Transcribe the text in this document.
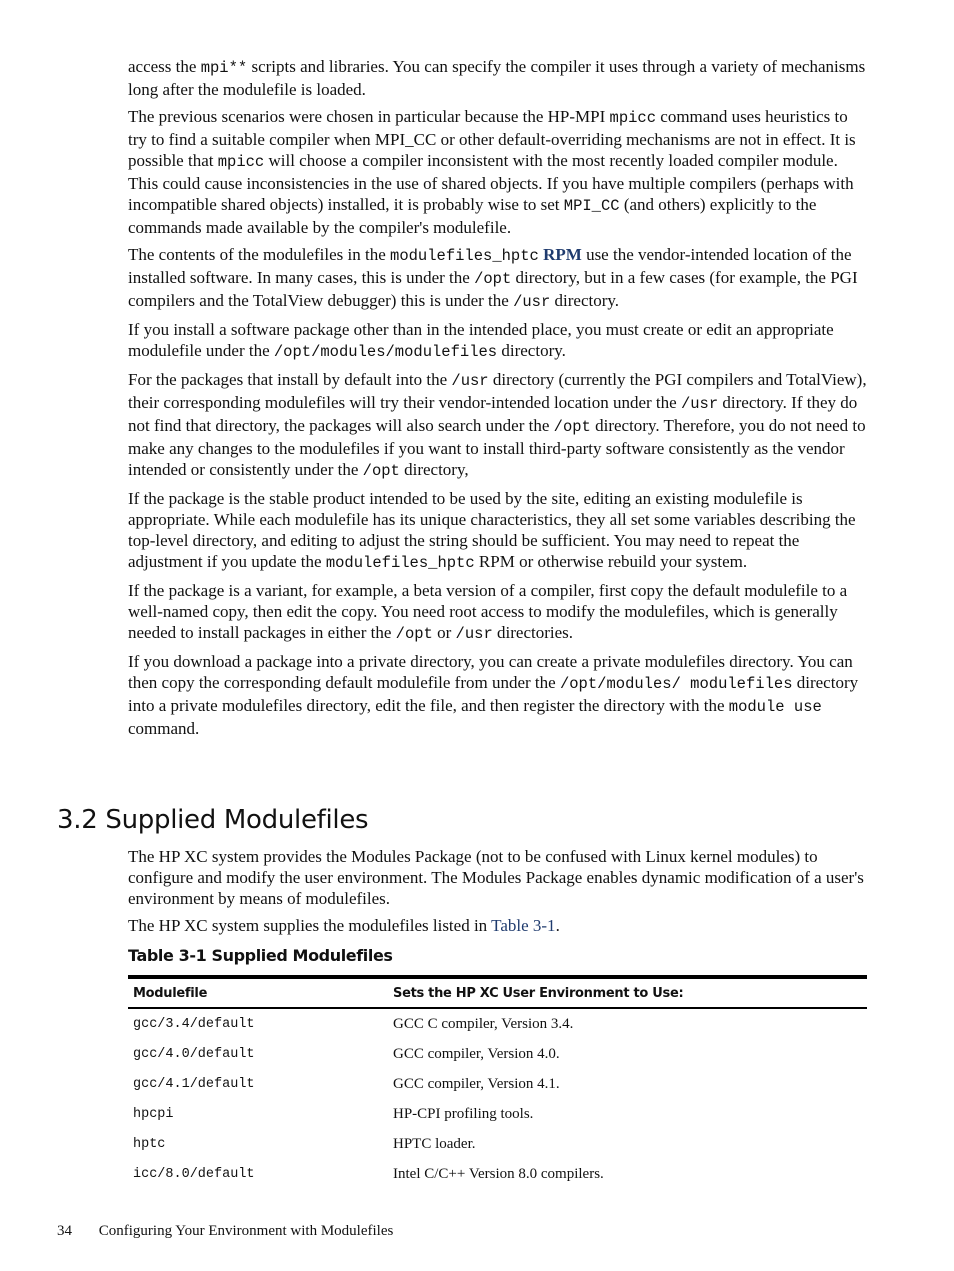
access the mpi** scripts and libraries. You can specify the compiler it uses through a variety of mechanisms long after the modulefile is loaded.

The previous scenarios were chosen in particular because the HP-MPI mpicc command uses heuristics to try to find a suitable compiler when MPI_CC or other default-overriding mechanisms are not in effect. It is possible that mpicc will choose a compiler inconsistent with the most recently loaded compiler module. This could cause inconsistencies in the use of shared objects. If you have multiple compilers (perhaps with incompatible shared objects) installed, it is probably wise to set MPI_CC (and others) explicitly to the commands made available by the compiler's modulefile.

The contents of the modulefiles in the modulefiles_hptc RPM use the vendor-intended location of the installed software. In many cases, this is under the /opt directory, but in a few cases (for example, the PGI compilers and the TotalView debugger) this is under the /usr directory.

If you install a software package other than in the intended place, you must create or edit an appropriate modulefile under the /opt/modules/modulefiles directory.

For the packages that install by default into the /usr directory (currently the PGI compilers and TotalView), their corresponding modulefiles will try their vendor-intended location under the /usr directory. If they do not find that directory, the packages will also search under the /opt directory. Therefore, you do not need to make any changes to the modulefiles if you want to install third-party software consistently as the vendor intended or consistently under the /opt directory,

If the package is the stable product intended to be used by the site, editing an existing modulefile is appropriate. While each modulefile has its unique characteristics, they all set some variables describing the top-level directory, and editing to adjust the string should be sufficient. You may need to repeat the adjustment if you update the modulefiles_hptc RPM or otherwise rebuild your system.

If the package is a variant, for example, a beta version of a compiler, first copy the default modulefile to a well-named copy, then edit the copy. You need root access to modify the modulefiles, which is generally needed to install packages in either the /opt or /usr directories.

If you download a package into a private directory, you can create a private modulefiles directory. You can then copy the corresponding default modulefile from under the /opt/modules/ modulefiles directory into a private modulefiles directory, edit the file, and then register the directory with the module use command.

3.2 Supplied Modulefiles

The HP XC system provides the Modules Package (not to be confused with Linux kernel modules) to configure and modify the user environment. The Modules Package enables dynamic modification of a user's environment by means of modulefiles.

The HP XC system supplies the modulefiles listed in Table 3-1.

Table 3-1 Supplied Modulefiles
Modulefile	Sets the HP XC User Environment to Use:
gcc/3.4/default	GCC C compiler, Version 3.4.
gcc/4.0/default	GCC compiler, Version 4.0.
gcc/4.1/default	GCC compiler, Version 4.1.
hpcpi	HP-CPI profiling tools.
hptc	HPTC loader.
icc/8.0/default	Intel C/C++ Version 8.0 compilers.
34 Configuring Your Environment with Modulefiles
